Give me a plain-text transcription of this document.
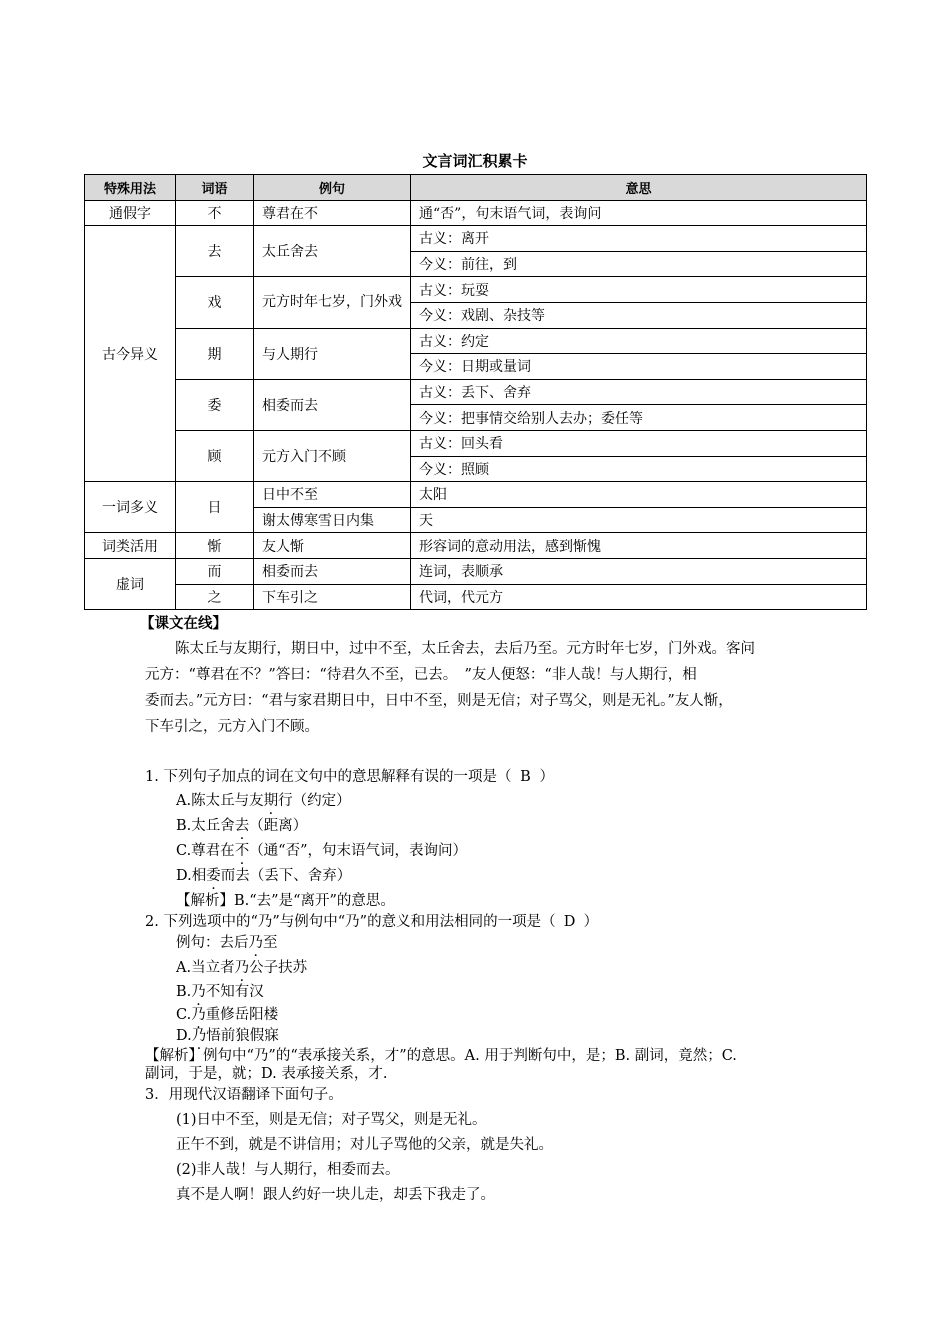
文言词汇积累卡
特殊用法	词语	例句	意思
通假字	不	尊君在不	通“否”，句末语气词，表询问
古今异义	去	太丘舍去	古义：离开
			今义：前往，到
	戏	元方时年七岁，门外戏	古义：玩耍
			今义：戏剧、杂技等
	期	与人期行	古义：约定
			今义：日期或量词
	委	相委而去	古义：丢下、舍弃
			今义：把事情交给别人去办；委任等
	顾	元方入门不顾	古义：回头看
			今义：照顾
一词多义	日	日中不至	太阳
		谢太傅寒雪日内集	天
词类活用	惭	友人惭	形容词的意动用法，感到惭愧
虚词	而	相委而去	连词，表顺承
	之	下车引之	代词，代元方
【课文在线】

陈太丘与友期行，期日中，过中不至，太丘舍去，去后乃至。元方时年七岁，门外戏。客问

元方：“尊君在不？”答曰：“待君久不至，已去。　”友人便怒：“非人哉！与人期行，相

委而去。”元方曰：“君与家君期日中，日中不至，则是无信；对子骂父，则是无礼。”友人惭，

下车引之，元方入门不顾。

1. 下列句子加点的词在文句中的意思解释有误的一项是（ B ）
A.陈太丘与友期行（约定）
B.太丘舍去（距离）
C.尊君在不（通“否”，句末语气词，表询问）
D.相委而去（丢下、舍弃）
【解析】B.“去”是“离开”的意思。
2. 下列选项中的“乃”与例句中“乃”的意义和用法相同的一项是（ D ）
例句：去后乃至
A.当立者乃公子扶苏
B.乃不知有汉
C.乃重修岳阳楼
D.乃悟前狼假寐
【解析】例句中“乃”的“表承接关系，才”的意思。A. 用于判断句中，是；B. 副词，竟然；C.
副词，于是，就；D. 表承接关系，才.
3．用现代汉语翻译下面句子。
(1)日中不至，则是无信；对子骂父，则是无礼。
正午不到，就是不讲信用；对儿子骂他的父亲，就是失礼。
(2)非人哉！与人期行，相委而去。
真不是人啊！跟人约好一块儿走，却丢下我走了。
